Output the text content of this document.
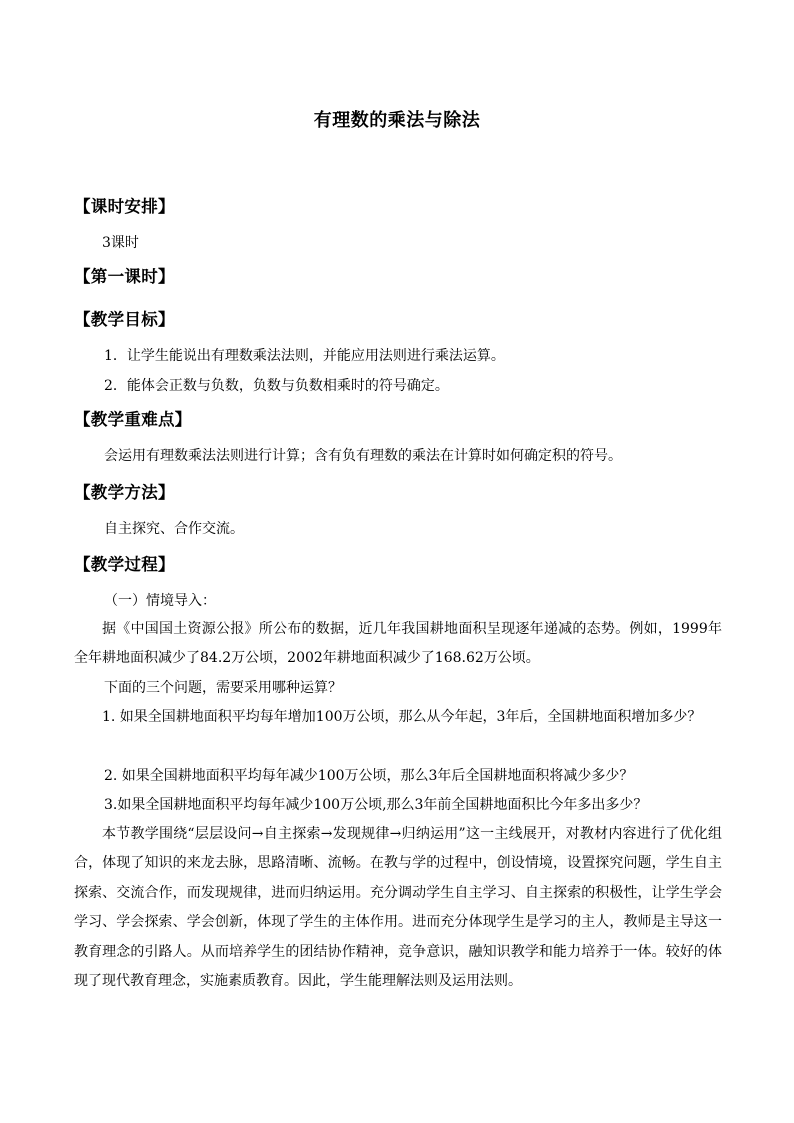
有理数的乘法与除法
【课时安排】
3课时
【第一课时】
【教学目标】
1．让学生能说出有理数乘法法则，并能应用法则进行乘法运算。
2．能体会正数与负数，负数与负数相乘时的符号确定。
【教学重难点】
会运用有理数乘法法则进行计算；含有负有理数的乘法在计算时如何确定积的符号。
【教学方法】
自主探究、合作交流。
【教学过程】
（一）情境导入：
据《中国国土资源公报》所公布的数据，近几年我国耕地面积呈现逐年递减的态势。例如，1999年全年耕地面积减少了84.2万公顷，2002年耕地面积减少了168.62万公顷。
下面的三个问题，需要采用哪种运算？
1. 如果全国耕地面积平均每年增加100万公顷，那么从今年起，3年后，全国耕地面积增加多少？
2. 如果全国耕地面积平均每年减少100万公顷，那么3年后全国耕地面积将减少多少？
3.如果全国耕地面积平均每年减少100万公顷,那么3年前全国耕地面积比今年多出多少？
本节教学围绕“层层设问→自主探索→发现规律→归纳运用”这一主线展开，对教材内容进行了优化组合，体现了知识的来龙去脉，思路清晰、流畅。在教与学的过程中，创设情境，设置探究问题，学生自主探索、交流合作，而发现规律，进而归纳运用。充分调动学生自主学习、自主探索的积极性，让学生学会学习、学会探索、学会创新，体现了学生的主体作用。进而充分体现学生是学习的主人，教师是主导这一教育理念的引路人。从而培养学生的团结协作精神，竞争意识，融知识教学和能力培养于一体。较好的体现了现代教育理念，实施素质教育。因此，学生能理解法则及运用法则。
